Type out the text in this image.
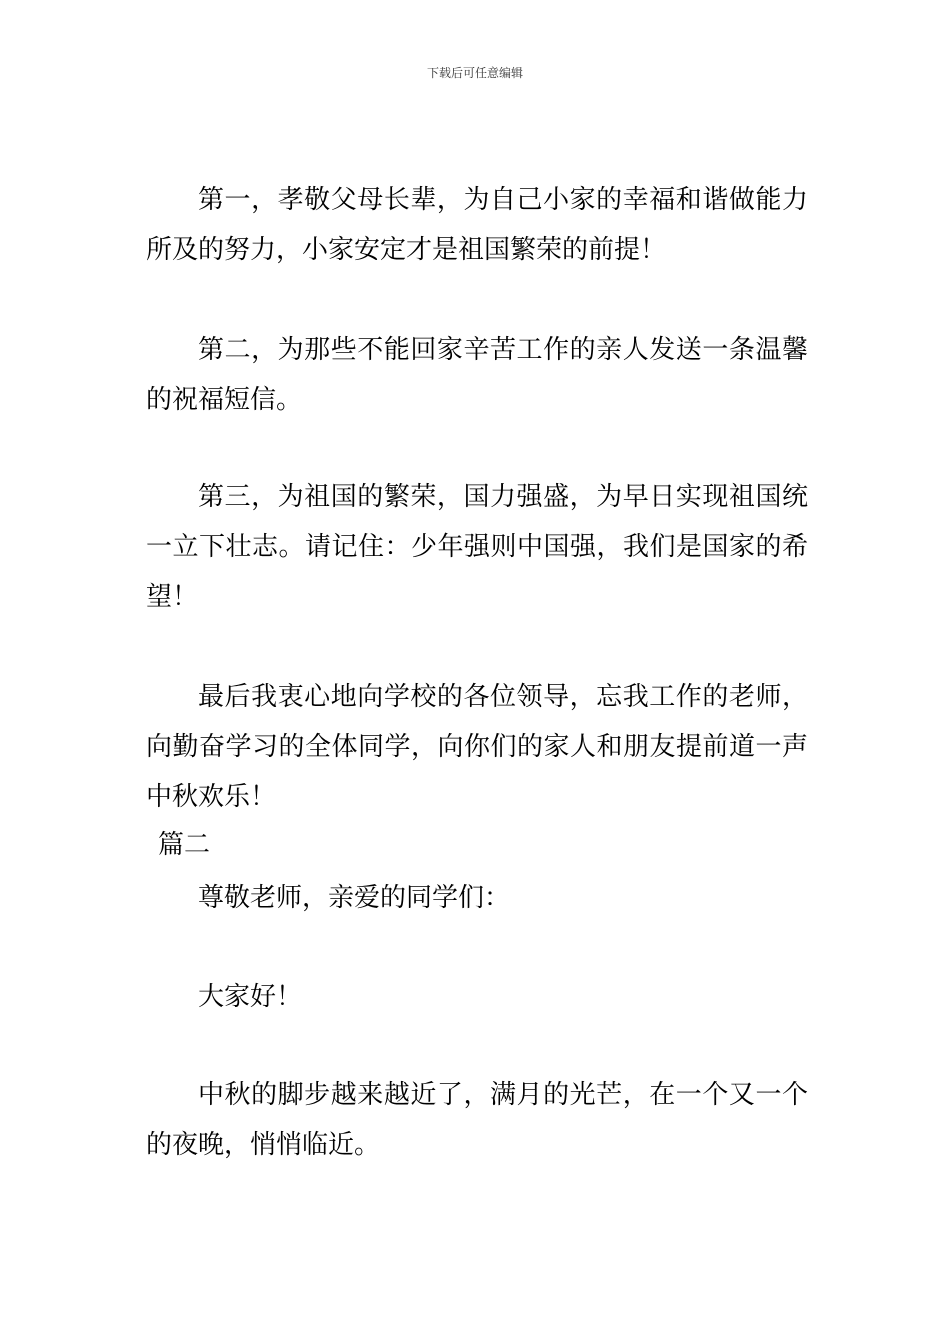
下载后可任意编辑

第一，孝敬父母长辈，为自己小家的幸福和谐做能力所及的努力，小家安定才是祖国繁荣的前提！

第二，为那些不能回家辛苦工作的亲人发送一条温馨的祝福短信。

第三，为祖国的繁荣，国力强盛，为早日实现祖国统一立下壮志。请记住：少年强则中国强，我们是国家的希望！

最后我衷心地向学校的各位领导，忘我工作的老师，向勤奋学习的全体同学，向你们的家人和朋友提前道一声中秋欢乐！

篇二
尊敬老师，亲爱的同学们：
大家好！

中秋的脚步越来越近了，满月的光芒，在一个又一个的夜晚，悄悄临近。
